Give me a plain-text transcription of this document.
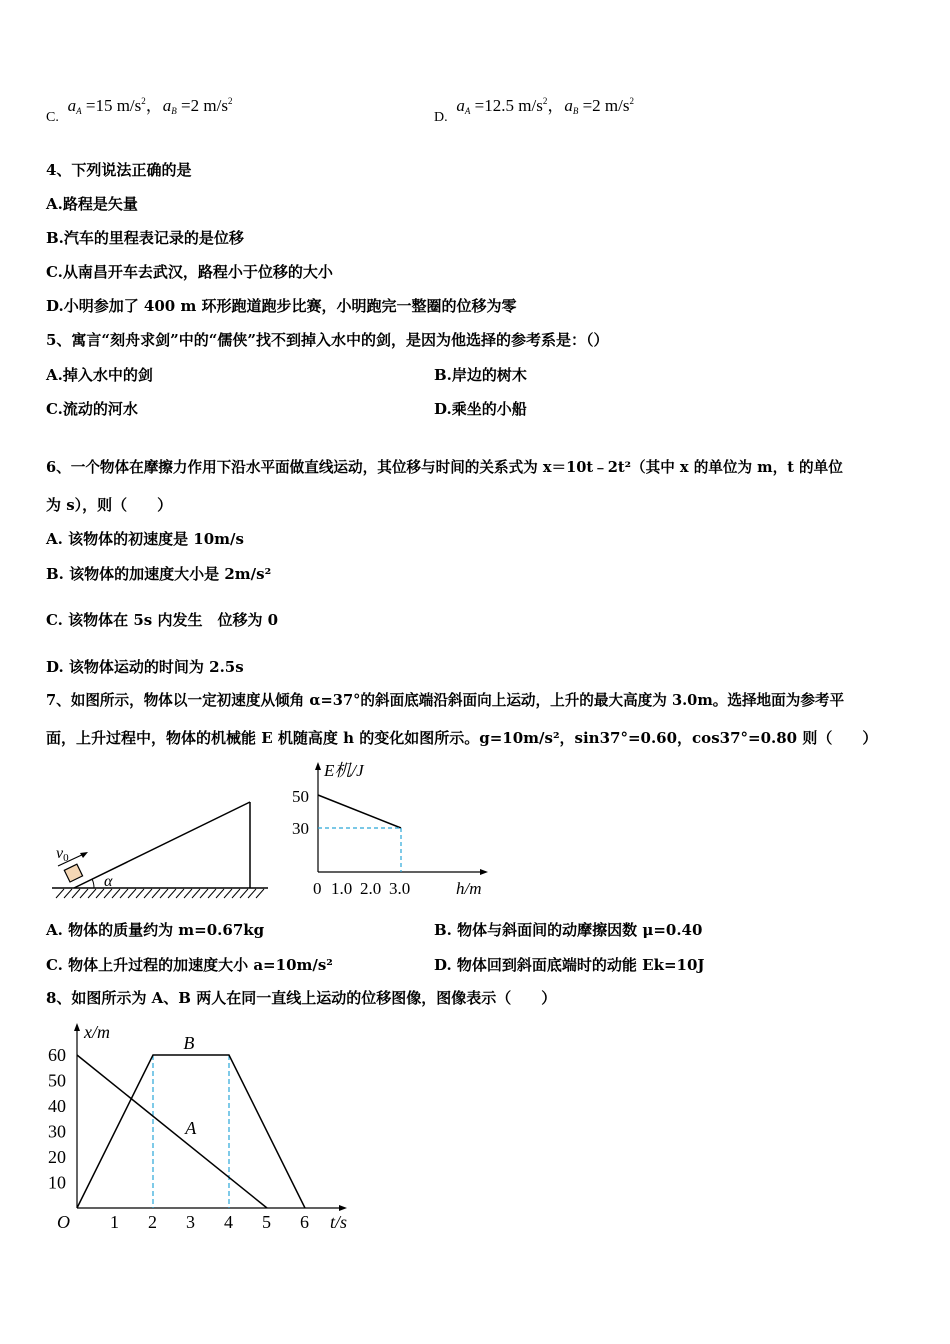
C. $a_A =15$ $m/s^2$，$a_B =2$ $m/s^2$
D. $a_A =12.5$ $m/s^2$，$a_B =2$ $m/s^2$
4、下列说法正确的是
A.路程是矢量
B.汽车的里程表记录的是位移
C.从南昌开车去武汉，路程小于位移的大小
D.小明参加了 400 m 环形跑道跑步比赛，小明跑完一整圈的位移为零
5、寓言“刻舟求剑”中的“儒侠”找不到掉入水中的剑，是因为他选择的参考系是：（）
A.掉入水中的剑	B.岸边的树木
C.流动的河水	D.乘坐的小船
6、一个物体在摩擦力作用下沿水平面做直线运动，其位移与时间的关系式为 x＝10t﹣2t²（其中 x 的单位为 m，t 的单位
为 s），则（　　）
A. 该物体的初速度是 10m/s
B. 该物体的加速度大小是 2m/s²
C. 该物体在 5s 内发生　位移为 0
D. 该物体运动的时间为 2.5s
7、如图所示，物体以一定初速度从倾角 α=37°的斜面底端沿斜面向上运动，上升的最大高度为 3.0m。选择地面为参考平
面，上升过程中，物体的机械能 E 机随高度 h 的变化如图所示。g=10m/s²，sin37°=0.60，cos37°=0.80 则（　　）
α
v0
E机/J
50
30
0 1.0 2.0 3.0	h/m
A. 物体的质量约为 m=0.67kg	B. 物体与斜面间的动摩擦因数 μ=0.40
C. 物体上升过程的加速度大小 a=10m/s²	D. 物体回到斜面底端时的动能 Ek=10J
8、如图所示为 A、B 两人在同一直线上运动的位移图像，图像表示（　　）
x/m
t/s
10
20
30
40
50
60
O 1 2 3 4 5 6
B
A
